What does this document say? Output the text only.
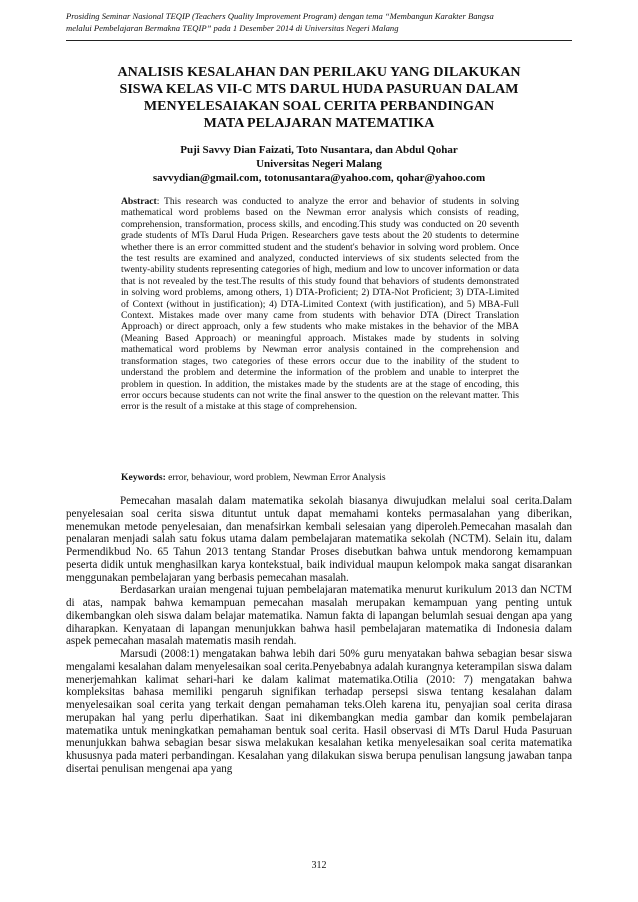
Prosiding Seminar Nasional TEQIP (Teachers Quality Improvement Program) dengan tema “Membangun Karakter Bangsa
melalui Pembelajaran Bermakna TEQIP” pada 1 Desember 2014 di Universitas Negeri Malang
ANALISIS KESALAHAN DAN PERILAKU YANG DILAKUKAN
SISWA KELAS VII-C MTS DARUL HUDA PASURUAN DALAM
MENYELESAIAKAN SOAL CERITA PERBANDINGAN
MATA PELAJARAN MATEMATIKA
Puji Savvy Dian Faizati, Toto Nusantara, dan Abdul Qohar
Universitas Negeri Malang
savvydian@gmail.com, totonusantara@yahoo.com, qohar@yahoo.com
Abstract: This research was conducted to analyze the error and behavior of students in solving mathematical word problems based on the Newman error analysis which consists of reading, comprehension, transformation, process skills, and encoding.This study was conducted on 20 seventh grade students of MTs Darul Huda Prigen. Researchers gave tests about the 20 students to determine whether there is an error committed student and the student's behavior in solving word problem. Once the test results are examined and analyzed, conducted interviews of six students selected from the twenty-ability students representing categories of high, medium and low to uncover information or data that is not revealed by the test.The results of this study found that behaviors of students demonstrated in solving word problems, among others, 1) DTA-Proficient; 2) DTA-Not Proficient; 3) DTA-Limited of Context (without in justification); 4) DTA-Limited Context (with justification), and 5) MBA-Full Context. Mistakes made over many came from students with behavior DTA (Direct Translation Approach) or direct approach, only a few students who make mistakes in the behavior of the MBA (Meaning Based Approach) or meaningful approach. Mistakes made by students in solving mathematical word problems by Newman error analysis contained in the comprehension and transformation stages, two categories of these errors occur due to the inability of the student to understand the problem and determine the information of the problem and unable to interpret the problem in question. In addition, the mistakes made by the students are at the stage of encoding, this error occurs because students can not write the final answer to the question on the relevant matter. This error is the result of a mistake at this stage of comprehension.
Keywords: error, behaviour, word problem, Newman Error Analysis

Pemecahan masalah dalam matematika sekolah biasanya diwujudkan melalui soal cerita.Dalam penyelesaian soal cerita siswa dituntut untuk dapat memahami konteks permasalahan yang diberikan, menemukan metode penyelesaian, dan menafsirkan kembali selesaian yang diperoleh.Pemecahan masalah dan penalaran menjadi salah satu fokus utama dalam pembelajaran matematika sekolah (NCTM). Selain itu, dalam Permendikbud No. 65 Tahun 2013 tentang Standar Proses disebutkan bahwa untuk mendorong kemampuan peserta didik untuk menghasilkan karya kontekstual, baik individual maupun kelompok maka sangat disarankan menggunakan pembelajaran yang berbasis pemecahan masalah.

Berdasarkan uraian mengenai tujuan pembelajaran matematika menurut kurikulum 2013 dan NCTM di atas, nampak bahwa kemampuan pemecahan masalah merupakan kemampuan yang penting untuk dikembangkan oleh siswa dalam belajar matematika. Namun fakta di lapangan belumlah sesuai dengan apa yang diharapkan. Kenyataan di lapangan menunjukkan bahwa hasil pembelajaran matematika di Indonesia dalam aspek pemecahan masalah matematis masih rendah.

Marsudi (2008:1) mengatakan bahwa lebih dari 50% guru menyatakan bahwa sebagian besar siswa mengalami kesalahan dalam menyelesaikan soal cerita.Penyebabnya adalah kurangnya keterampilan siswa dalam menerjemahkan kalimat sehari-hari ke dalam kalimat matematika.Otilia (2010: 7) mengatakan bahwa kompleksitas bahasa memiliki pengaruh signifikan terhadap persepsi siswa tentang kesalahan dalam menyelesaikan soal cerita yang terkait dengan pemahaman teks.Oleh karena itu, penyajian soal cerita dirasa merupakan hal yang perlu diperhatikan. Saat ini dikembangkan media gambar dan komik pembelajaran matematika untuk meningkatkan pemahaman bentuk soal cerita. Hasil observasi di MTs Darul Huda Pasuruan menunjukkan bahwa sebagian besar siswa melakukan kesalahan ketika menyelesaikan soal cerita matematika khususnya pada materi perbandingan. Kesalahan yang dilakukan siswa berupa penulisan langsung jawaban tanpa disertai penulisan mengenai apa yang

312
